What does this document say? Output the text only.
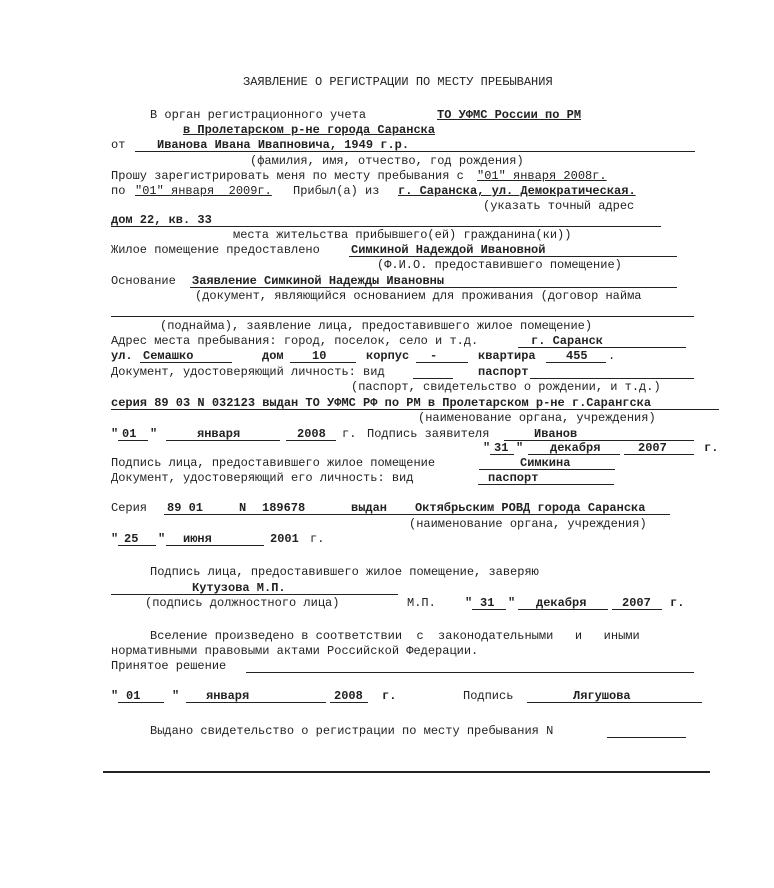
ЗАЯВЛЕНИЕ О РЕГИСТРАЦИИ ПО МЕСТУ ПРЕБЫВАНИЯ
В орган регистрационного учета	ТО УФМС России по РМ
в Пролетарском р-не города Саранска
от	Иванова Ивана Ивапновича, 1949 г.р.
(фамилия, имя, отчество, год рождения)
Прошу зарегистрировать меня по месту пребывания с "01" января 2008г.
по "01" января  2009г. Прибыл(а) из г. Саранска, ул. Демократическая.
(указать точный адрес
дом 22, кв. 33
места жительства прибывшего(ей) гражданина(ки))
Жилое помещение предоставлено	Симкиной Надеждой Ивановной
(Ф.И.О. предоставившего помещение)
Основание Заявление Симкиной Надежды Ивановны
(документ, являющийся основанием для проживания (договор найма
(поднайма), заявление лица, предоставившего жилое помещение)
Адрес места пребывания: город, поселок, село и т.д.	г. Саранск
ул. Семашко	дом 10	корпус -	квартира	455 .
Документ, удостоверяющий личность: вид	паспорт
(паспорт, свидетельство о рождении, и т.д.)
серия 89 03 N 032123 выдан ТО УФМС РФ по РМ в Пролетарском р-не г.Сарангска
(наименование органа, учреждения)
" 01 "	января	2008 г. Подпись заявителя	Иванов
" 31 " декабря	2007	г.
Подпись лица, предоставившего жилое помещение	Симкина
Документ, удостоверяющий его личность: вид	паспорт
Серия 89 01	N 189678	выдан Октябрьским РОВД города Саранска
(наименование органа, учреждения)
" 25 " июня	2001 г.
Подпись лица, предоставившего жилое помещение, заверяю
Кутузова М.П.
(подпись должностного лица)	М.П. " 31 " декабря	2007 г.
Вселение произведено в соответствии  с  законодательными   и   иными
нормативными правовыми актами Российской Федерации.
Принятое решение
" 01	" января	2008 г.	Подпись	Лягушова
Выдано свидетельство о регистрации по месту пребывания N
